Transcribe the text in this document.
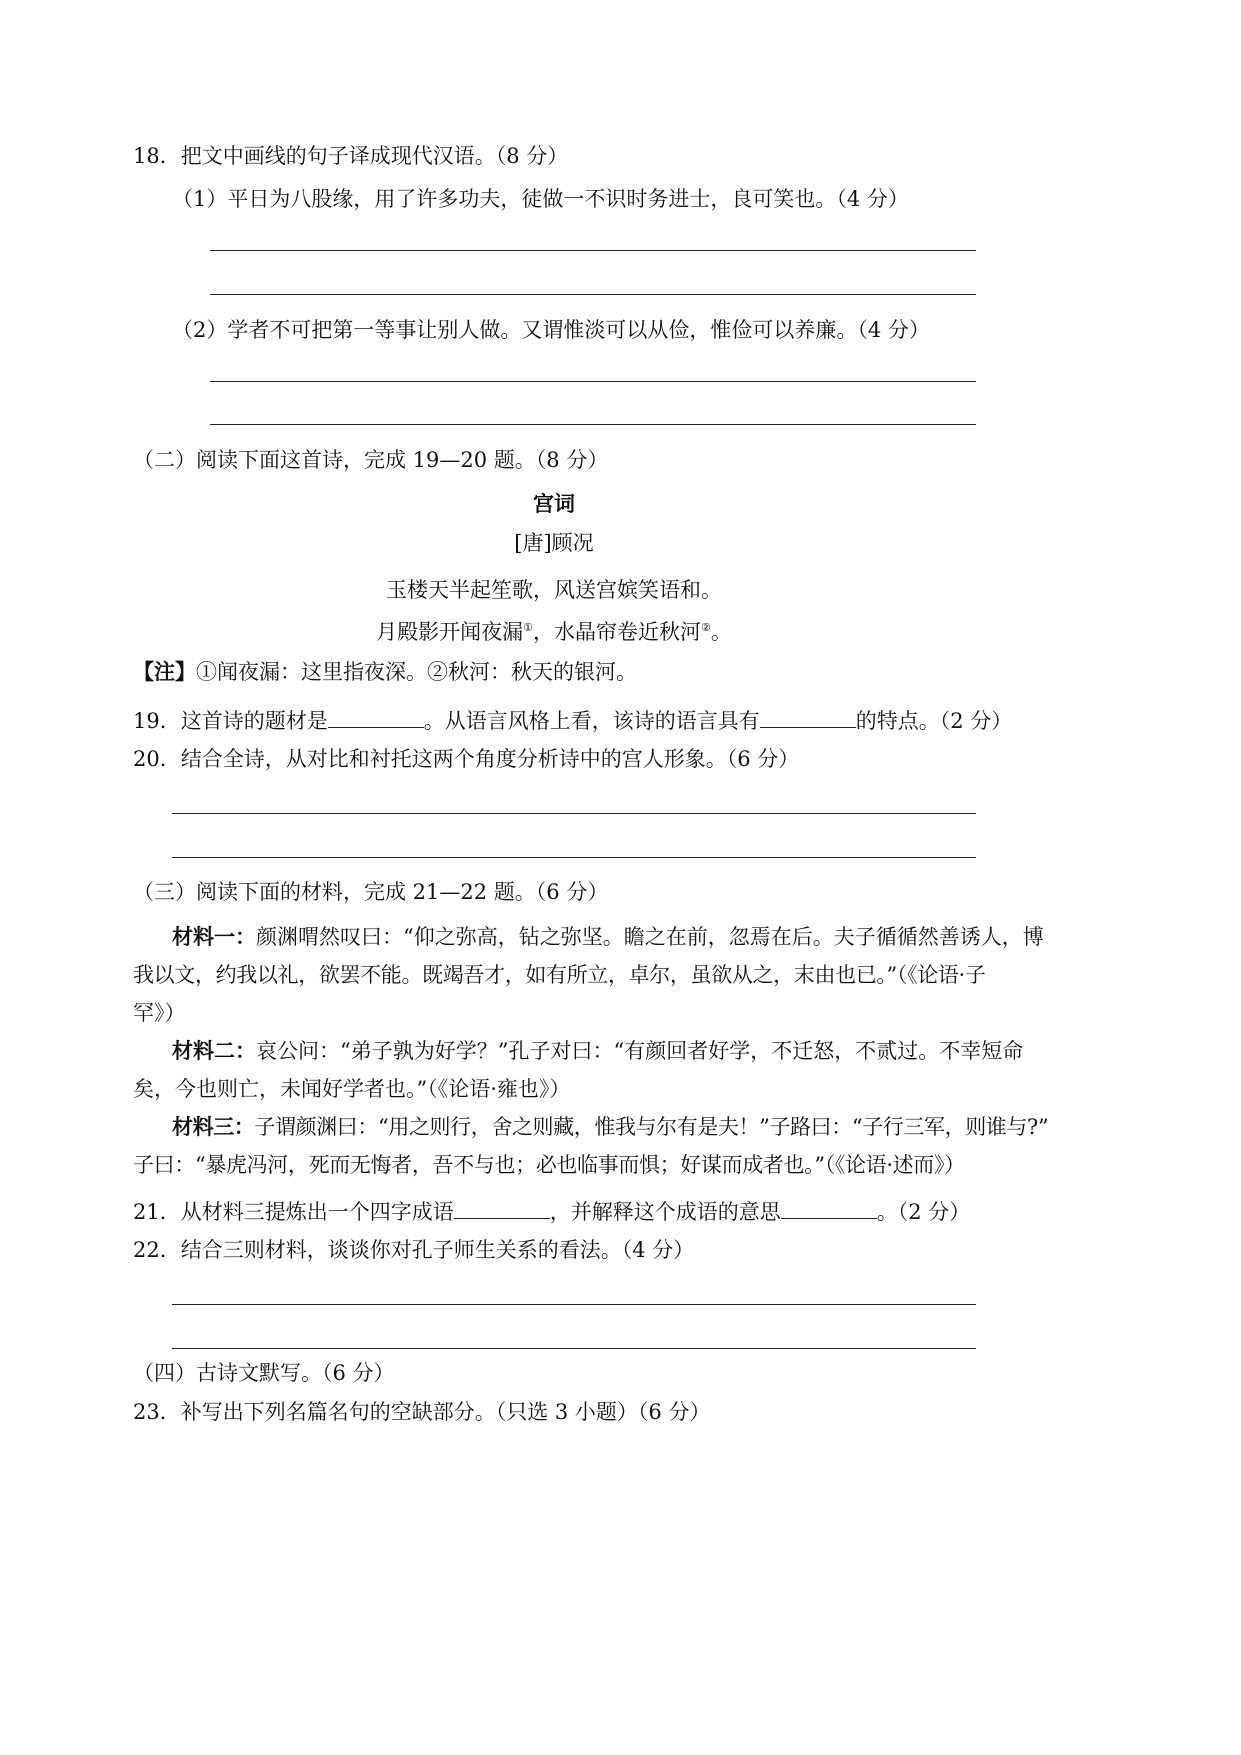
18．把文中画线的句子译成现代汉语。（8 分）
（1）平日为八股缘，用了许多功夫，徒做一不识时务进士，良可笑也。（4 分）
（2）学者不可把第一等事让别人做。又谓惟淡可以从俭，惟俭可以养廉。（4 分）
（二）阅读下面这首诗，完成 19—20 题。（8 分）
宫词
[唐]顾况
玉楼天半起笙歌，风送宫嫔笑语和。
月殿影开闻夜漏①，水晶帘卷近秋河②。
【注】①闻夜漏：这里指夜深。②秋河：秋天的银河。
19．这首诗的题材是	。从语言风格上看，该诗的语言具有	的特点。（2 分）
20．结合全诗，从对比和衬托这两个角度分析诗中的宫人形象。（6 分）
（三）阅读下面的材料，完成 21—22 题。（6 分）
材料一：颜渊喟然叹曰：“仰之弥高，钻之弥坚。瞻之在前，忽焉在后。夫子循循然善诱人，博
我以文，约我以礼，欲罢不能。既竭吾才，如有所立，卓尔，虽欲从之，末由也已。”（《论语·子
罕》）
材料二：哀公问：“弟子孰为好学？”孔子对曰：“有颜回者好学，不迁怒，不贰过。不幸短命
矣，今也则亡，未闻好学者也。”（《论语·雍也》）
材料三：子谓颜渊曰：“用之则行，舍之则藏，惟我与尔有是夫！”子路曰：“子行三军，则谁与?”
子曰：“暴虎冯河，死而无悔者，吾不与也；必也临事而惧；好谋而成者也。”（《论语·述而》）
21．从材料三提炼出一个四字成语	，并解释这个成语的意思	。（2 分）
22．结合三则材料，谈谈你对孔子师生关系的看法。（4 分）
（四）古诗文默写。（6 分）
23．补写出下列名篇名句的空缺部分。（只选 3 小题）（6 分）
